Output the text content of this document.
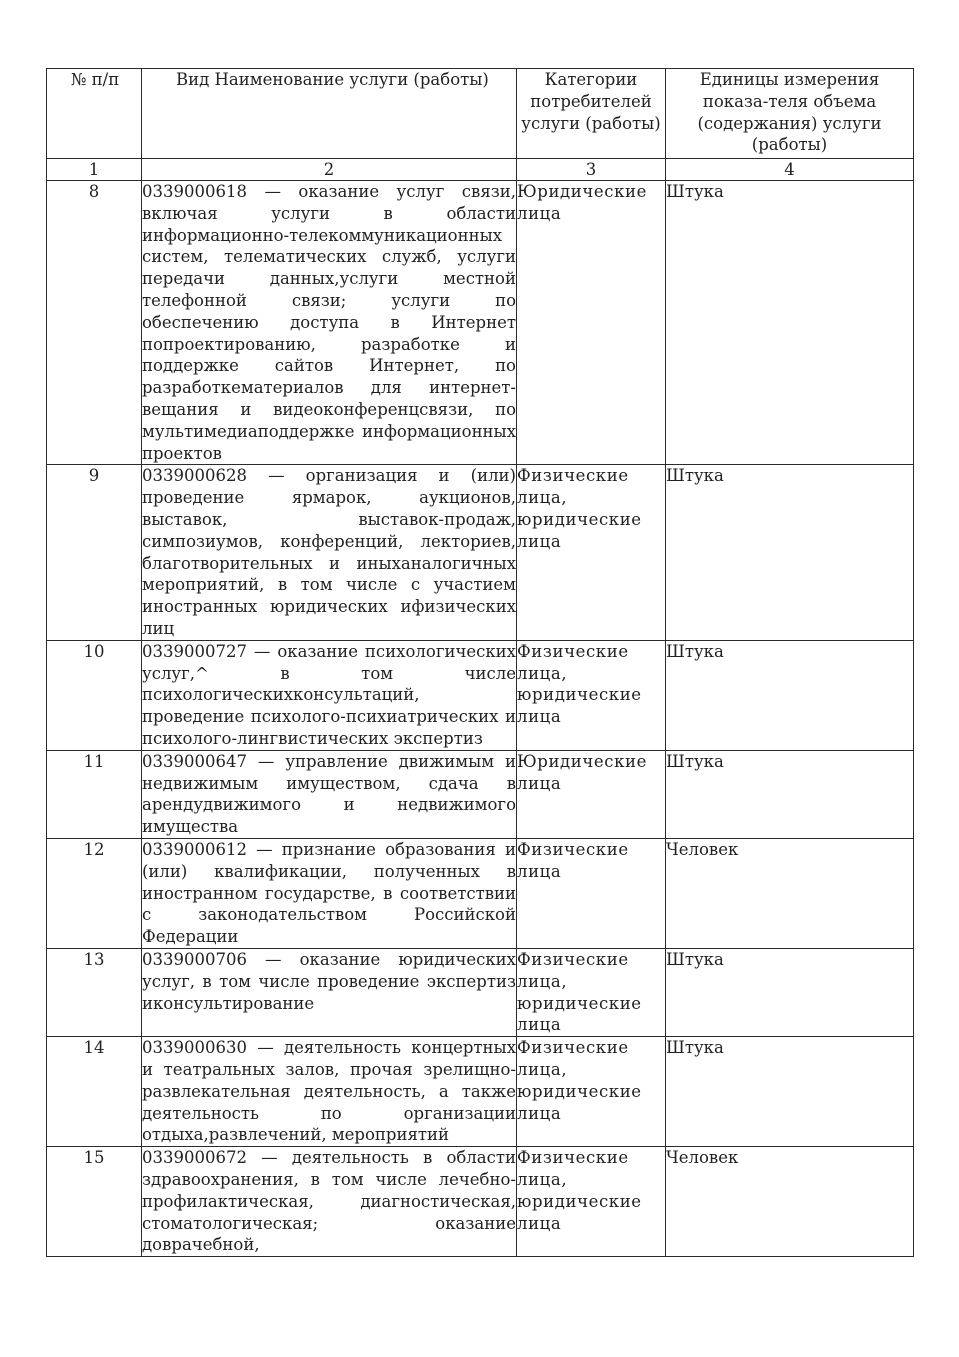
№ п/п	Вид Наименование услуги (работы)	Категории потребителей услуги (работы)	Единицы измерения показа-теля объема (содержания) услуги (работы)
1	2	3	4
8	0339000618 — оказание услуг связи, включая услуги в области информационно-телекоммуникационных систем, телематических служб, услуги передачи данных,услуги местной телефонной связи; услуги по обеспечению доступа в Интернет попроектированию, разработке и поддержке сайтов Интернет, по разработкематериалов для интернет-вещания и видеоконференцсвязи, по мультимедиаподдержке информационных проектов	Юридические лица	Штука
9	0339000628 — организация и (или) проведение ярмарок, аукционов, выставок, выставок-продаж, симпозиумов, конференций, лекториев, благотворительных и иныханалогичных мероприятий, в том числе с участием иностранных юридических ифизических лиц	Физические лица, юридические лица	Штука
10	0339000727 — оказание психологических услуг,^ в том числе психологическихконсультаций, проведение психолого-психиатрических и психолого-лингвистических экспертиз	Физические лица, юридические лица	Штука
11	0339000647 — управление движимым и недвижимым имуществом, сдача в арендудвижимого и недвижимого имущества	Юридические лица	Штука
12	0339000612 — признание образования и (или) квалификации, полученных в иностранном государстве, в соответствии с законодательством Российской Федерации	Физические лица	Человек
13	0339000706 — оказание юридических услуг, в том числе проведение экспертиз иконсультирование	Физические лица, юридические лица	Штука
14	0339000630 — деятельность концертных и театральных залов, прочая зрелищно-развлекательная деятельность, а также деятельность по организации отдыха,развлечений, мероприятий	Физические лица, юридические лица	Штука
15	0339000672 — деятельность в области здравоохранения, в том числе лечебно-профилактическая, диагностическая, стоматологическая; оказание доврачебной,	Физические лица, юридические лица	Человек
